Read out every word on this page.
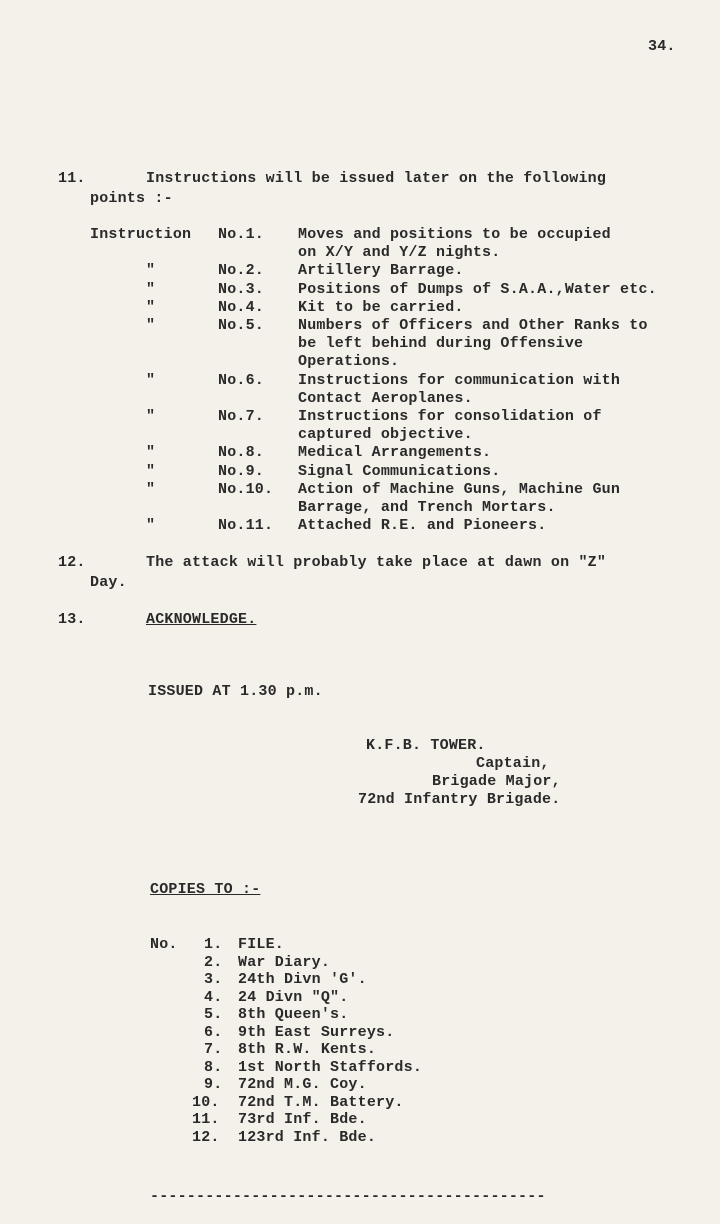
34.
11.	Instructions will be issued later on the following
points :-
Instruction No.1. Moves and positions to be occupied
on X/Y and Y/Z nights.
"	No.2. Artillery Barrage.
"	No.3. Positions of Dumps of S.A.A.,Water etc.
"	No.4. Kit to be carried.
"	No.5. Numbers of Officers and Other Ranks to
be left behind during Offensive
Operations.
"	No.6. Instructions for communication with
Contact Aeroplanes.
"	No.7. Instructions for consolidation of
captured objective.
"	No.8. Medical Arrangements.
"	No.9. Signal Communications.
"	No.10. Action of Machine Guns, Machine Gun
Barrage, and Trench Mortars.
"	No.11. Attached R.E. and Pioneers.
12.	The attack will probably take place at dawn on "Z"
Day.
13.	ACKNOWLEDGE.
ISSUED AT 1.30 p.m.
K.F.B. TOWER.
Captain,
Brigade Major,
72nd Infantry Brigade.
COPIES TO :-
No. 1. FILE.
2. War Diary.
3. 24th Divn 'G'.
4. 24 Divn "Q".
5. 8th Queen's.
6. 9th East Surreys.
7. 8th R.W. Kents.
8. 1st North Staffords.
9. 72nd M.G. Coy.
10. 72nd T.M. Battery.
11. 73rd Inf. Bde.
12. 123rd Inf. Bde.
-------------------------------------------
